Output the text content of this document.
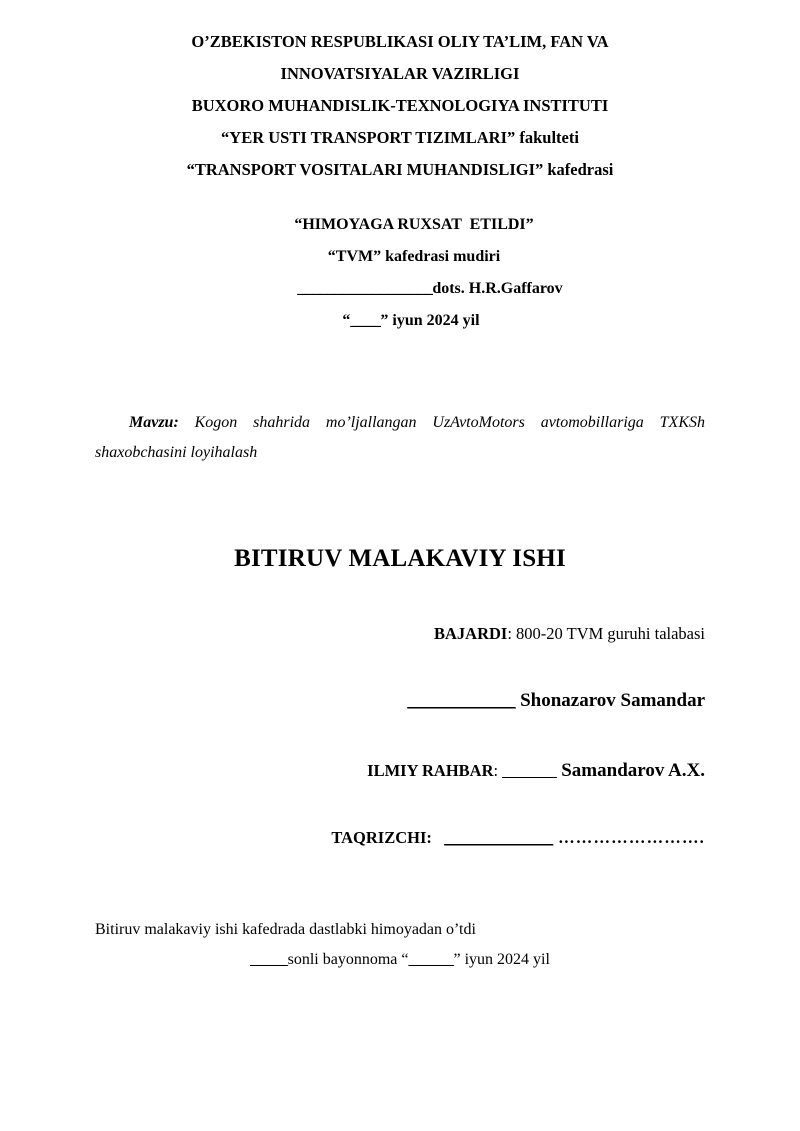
O’ZBEKISTON RESPUBLIKASI OLIY TA’LIM, FAN VA
INNOVATSIYALAR VAZIRLIGI
BUXORO MUHANDISLIK-TEXNOLOGIYA INSTITUTI
“YER USTI TRANSPORT TIZIMLARI” fakulteti
“TRANSPORT VOSITALARI MUHANDISLIGI” kafedrasi
“HIMOYAGA RUXSAT  ETILDI”
“TVM” kafedrasi mudiri
__________________dots. H.R.Gaffarov
“____” iyun 2024 yil

Mavzu: Kogon shahrida mo’ljallangan UzAvtoMotors avtomobillariga TXKSh shaxobchasini loyihalash

BITIRUV MALAKAVIY ISHI
BAJARDI: 800-20 TVM guruhi talabasi
____________ Shonazarov Samandar
ILMIY RAHBAR: _______ Samandarov A.X.
TAQRIZCHI: ______________ …………………….
Bitiruv malakaviy ishi kafedrada dastlabki himoyadan o’tdi
_____sonli bayonnoma “______” iyun 2024 yil
